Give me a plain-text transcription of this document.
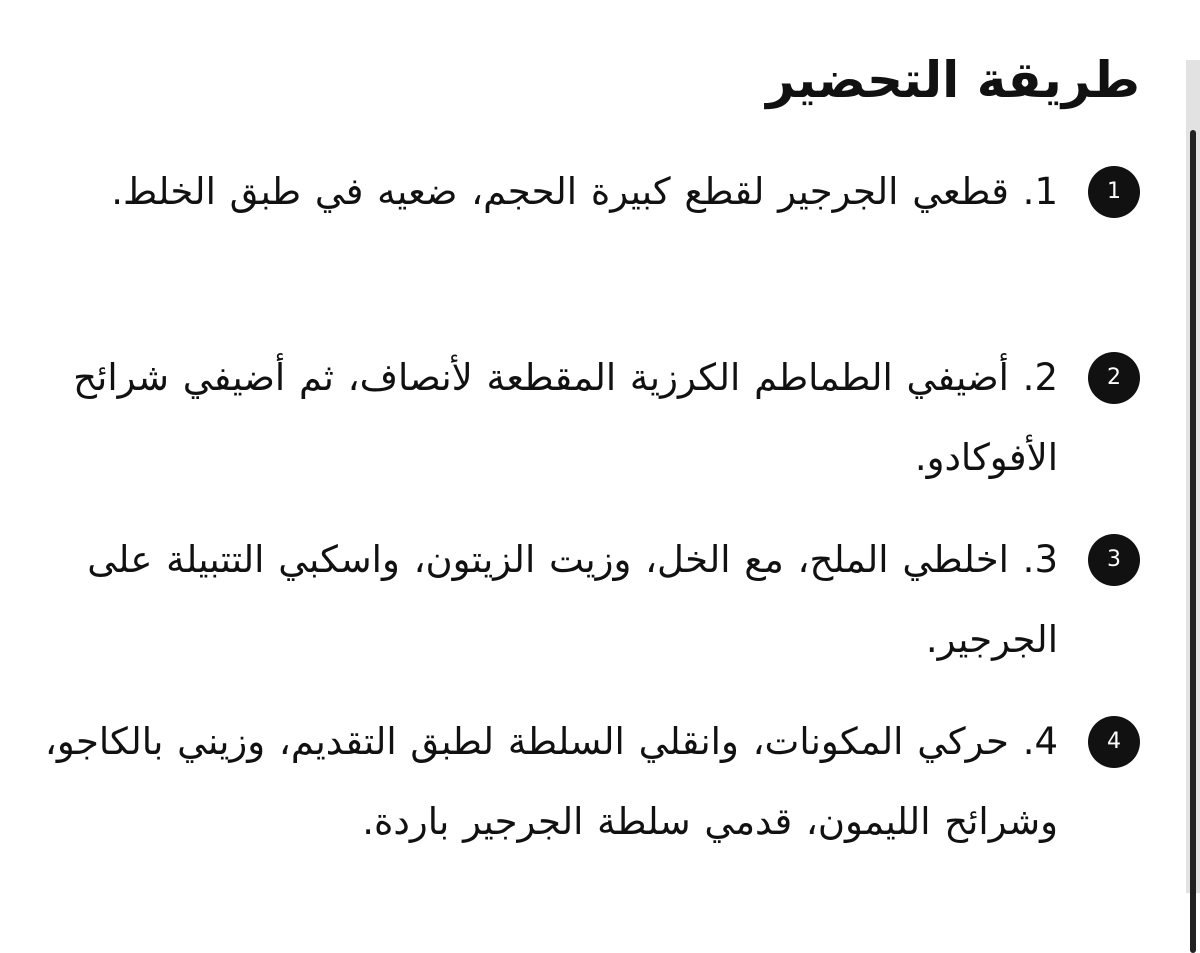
طريقة التحضير
1
1. قطعي الجرجير لقطع كبيرة الحجم، ضعيه في طبق الخلط.
2
2. أضيفي الطماطم الكرزية المقطعة لأنصاف، ثم أضيفي شرائح الأفوكادو.
3
3. اخلطي الملح، مع الخل، وزيت الزيتون، واسكبي التتبيلة على الجرجير.
4
4. حركي المكونات، وانقلي السلطة لطبق التقديم، وزيني بالكاجو، وشرائح الليمون، قدمي سلطة الجرجير باردة.
